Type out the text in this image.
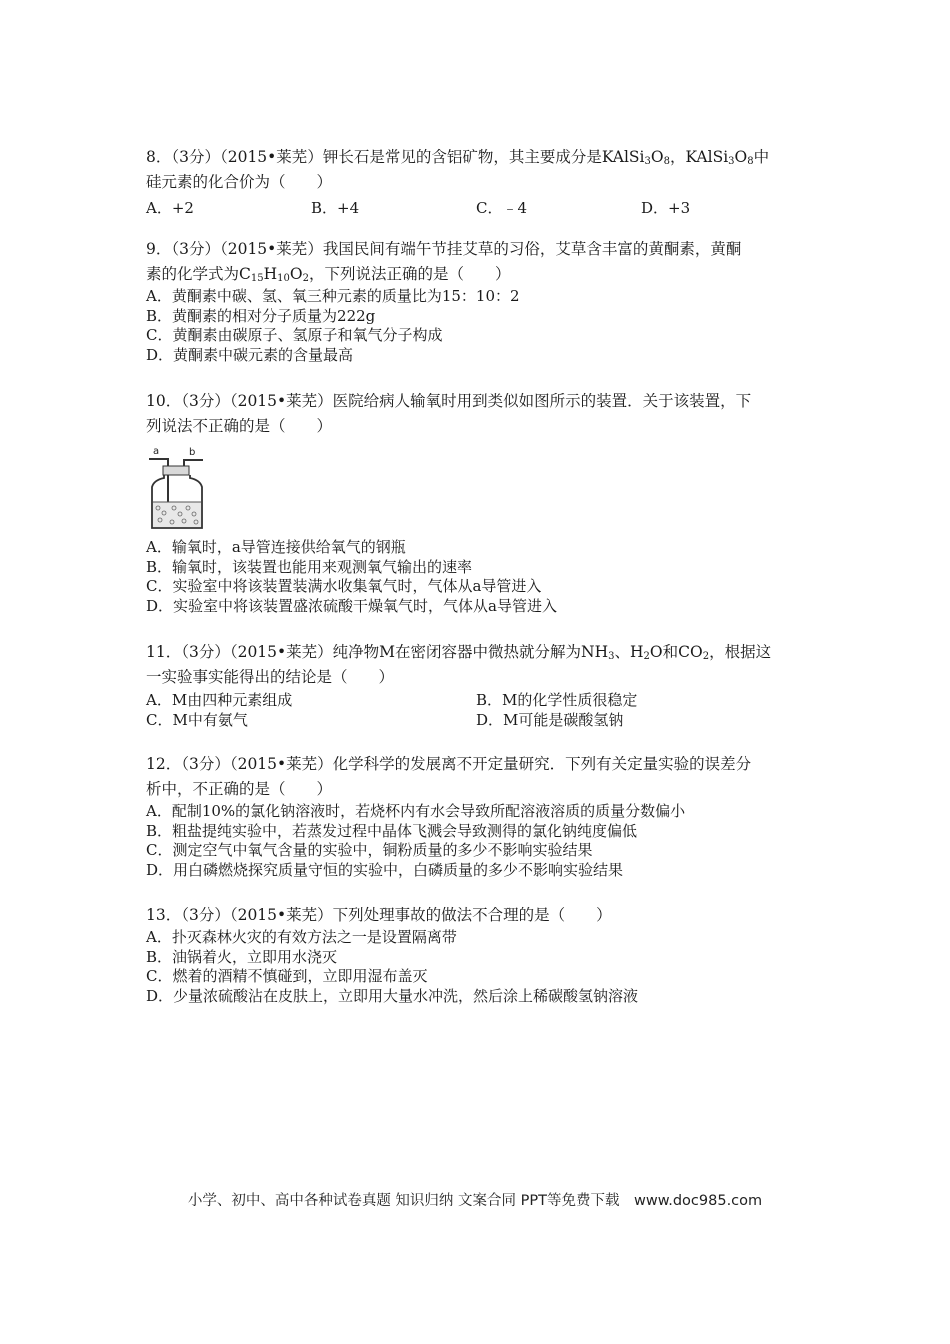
8．（3分）（2015•莱芜）钾长石是常见的含铝矿物，其主要成分是$KAlSi_3O_8$，$KAlSi_3O_8$中
硅元素的化合价为（　　）
A．+2	B．+4	C．﹣4	D．+3
9．（3分）（2015•莱芜）我国民间有端午节挂艾草的习俗，艾草含丰富的黄酮素，黄酮
素的化学式为$C_{15}H_{10}O_2$，下列说法正确的是（　　）
A．黄酮素中碳、氢、氧三种元素的质量比为15：10：2
B．黄酮素的相对分子质量为222g
C．黄酮素由碳原子、氢原子和氧气分子构成
D．黄酮素中碳元素的含量最高
10．（3分）（2015•莱芜）医院给病人输氧时用到类似如图所示的装置．关于该装置，下
列说法不正确的是（　　）
a	b
A．输氧时，a导管连接供给氧气的钢瓶
B．输氧时，该装置也能用来观测氧气输出的速率
C．实验室中将该装置装满水收集氧气时，气体从a导管进入
D．实验室中将该装置盛浓硫酸干燥氧气时，气体从a导管进入
11．（3分）（2015•莱芜）纯净物M在密闭容器中微热就分解为$NH_3$、$H_2O$和$CO_2$，根据这
一实验事实能得出的结论是（　　）
A．M由四种元素组成	B．M的化学性质很稳定
C．M中有氨气	D．M可能是碳酸氢钠
12．（3分）（2015•莱芜）化学科学的发展离不开定量研究．下列有关定量实验的误差分
析中，不正确的是（　　）
A．配制10%的氯化钠溶液时，若烧杯内有水会导致所配溶液溶质的质量分数偏小
B．粗盐提纯实验中，若蒸发过程中晶体飞溅会导致测得的氯化钠纯度偏低
C．测定空气中氧气含量的实验中，铜粉质量的多少不影响实验结果
D．用白磷燃烧探究质量守恒的实验中，白磷质量的多少不影响实验结果
13．（3分）（2015•莱芜）下列处理事故的做法不合理的是（　　）
A．扑灭森林火灾的有效方法之一是设置隔离带
B．油锅着火，立即用水浇灭
C．燃着的酒精不慎碰到，立即用湿布盖灭
D．少量浓硫酸沾在皮肤上，立即用大量水冲洗，然后涂上稀碳酸氢钠溶液
小学、初中、高中各种试卷真题 知识归纳 文案合同 PPT等免费下载　www.doc985.com
